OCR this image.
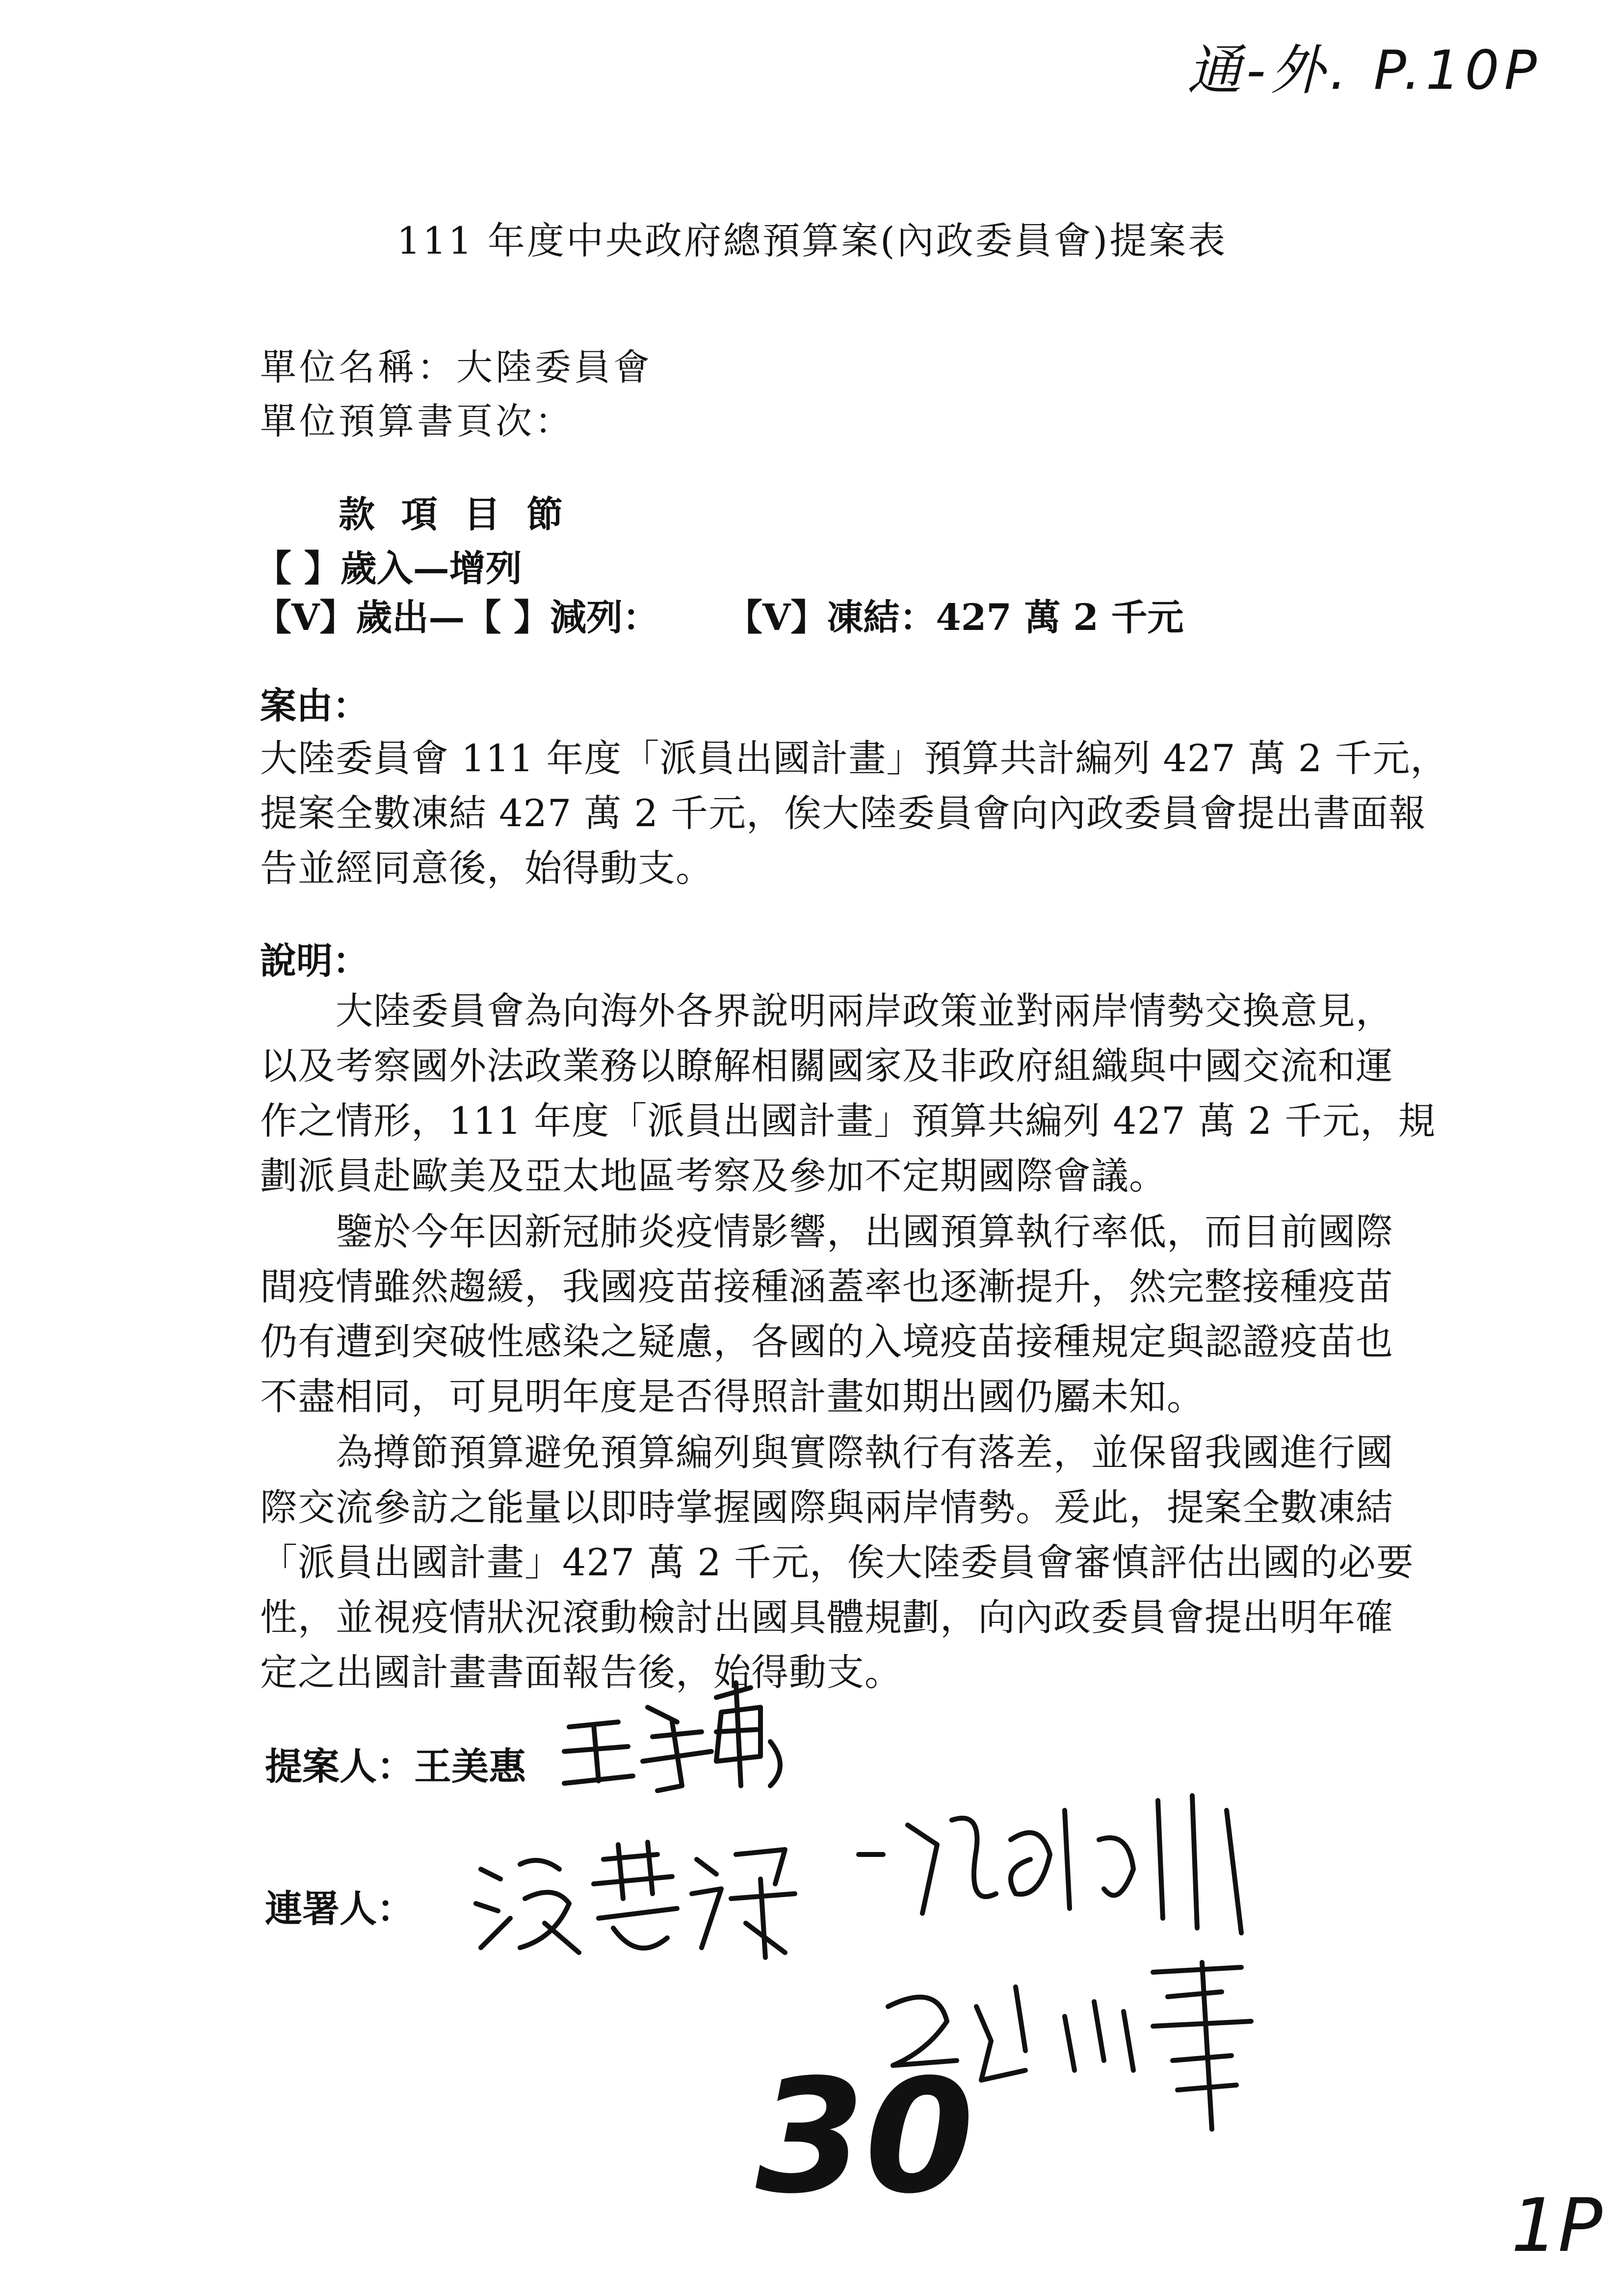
通-外. P.10P
111 年度中央政府總預算案(內政委員會)提案表
單位名稱：大陸委員會
單位預算書頁次：
款 項 目 節
【 】歲入—增列
【V】歲出—【 】減列： 【V】凍結：427 萬 2 千元
案由：
大陸委員會 111 年度「派員出國計畫」預算共計編列 427 萬 2 千元，
提案全數凍結 427 萬 2 千元，俟大陸委員會向內政委員會提出書面報
告並經同意後，始得動支。
說明：
　　大陸委員會為向海外各界說明兩岸政策並對兩岸情勢交換意見，
以及考察國外法政業務以瞭解相關國家及非政府組織與中國交流和運
作之情形，111 年度「派員出國計畫」預算共編列 427 萬 2 千元，規
劃派員赴歐美及亞太地區考察及參加不定期國際會議。
　　鑒於今年因新冠肺炎疫情影響，出國預算執行率低，而目前國際
間疫情雖然趨緩，我國疫苗接種涵蓋率也逐漸提升，然完整接種疫苗
仍有遭到突破性感染之疑慮，各國的入境疫苗接種規定與認證疫苗也
不盡相同，可見明年度是否得照計畫如期出國仍屬未知。
　　為撙節預算避免預算編列與實際執行有落差，並保留我國進行國
際交流參訪之能量以即時掌握國際與兩岸情勢。爰此，提案全數凍結
「派員出國計畫」427 萬 2 千元，俟大陸委員會審慎評估出國的必要
性，並視疫情狀況滾動檢討出國具體規劃，向內政委員會提出明年確
定之出國計畫書面報告後，始得動支。
提案人：王美惠
連署人：
30	1P
